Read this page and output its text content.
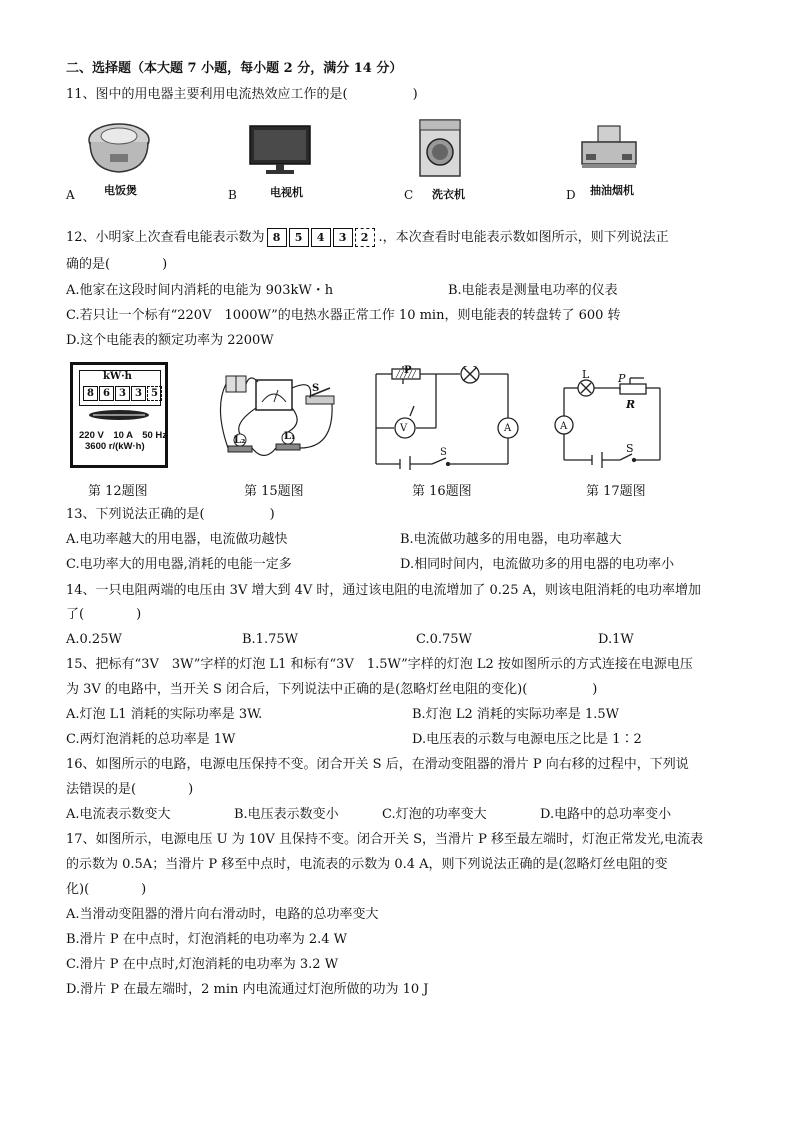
二、选择题（本大题 7 小题，每小题 2 分，满分 14 分）
11、图中的用电器主要利用电流热效应工作的是(　　　　　)
A	电饭煲	B	电视机	C 洗衣机	D 抽油烟机
12、小明家上次查看电能表示数为 8	5	4	3	2 .，本次查看时电能表示数如图所示，则下列说法正
确的是(　　　　)
A.他家在这段时间内消耗的电能为 903kW・h	B.电能表是测量电功率的仪表
C.若只让一个标有“220V　1000W”的电热水器正常工作 10 min，则电能表的转盘转了 600 转
D.这个电能表的额定功率为 2200W
kW·h
8 6 3 3 5
220 V　10 A　50 Hz
3600 r/(kW·h)
L₂	L₁
S
P
V	A
S
L	P
R
A
S
第 12题图	第 15题图	第 16题图	第 17题图
13、下列说法正确的是(　　　　　)
A.电功率越大的用电器，电流做功越快	B.电流做功越多的用电器，电功率越大
C.电功率大的用电器,消耗的电能一定多	D.相同时间内，电流做功多的用电器的电功率小
14、一只电阻两端的电压由 3V 增大到 4V 时，通过该电阻的电流增加了 0.25 A，则该电阻消耗的电功率增加
了(　　　　)
A.0.25W	B.1.75W	C.0.75W	D.1W
15、把标有“3V　3W”字样的灯泡 L1 和标有“3V　1.5W”字样的灯泡 L2 按如图所示的方式连接在电源电压
为 3V 的电路中，当开关 S 闭合后，下列说法中正确的是(忽略灯丝电阻的变化)(　　　　　)
A.灯泡 L1 消耗的实际功率是 3W.	B.灯泡 L2 消耗的实际功率是 1.5W
C.两灯泡消耗的总功率是 1W	D.电压表的示数与电源电压之比是 1∶2
16、如图所示的电路，电源电压保持不变。闭合开关 S 后，在滑动变阻器的滑片 P 向右移的过程中，下列说
法错误的是(　　　　)
A.电流表示数变大	B.电压表示数变小	C.灯泡的功率变大	D.电路中的总功率变小
17、如图所示，电源电压 U 为 10V 且保持不变。闭合开关 S，当滑片 P 移至最左端时，灯泡正常发光,电流表
的示数为 0.5A；当滑片 P 移至中点时，电流表的示数为 0.4 A，则下列说法正确的是(忽略灯丝电阻的变
化)(　　　　)
A.当滑动变阻器的滑片向右滑动时，电路的总功率变大
B.滑片 P 在中点时，灯泡消耗的电功率为 2.4 W
C.滑片 P 在中点时,灯泡消耗的电功率为 3.2 W
D.滑片 P 在最左端时，2 min 内电流通过灯泡所做的功为 10 J
